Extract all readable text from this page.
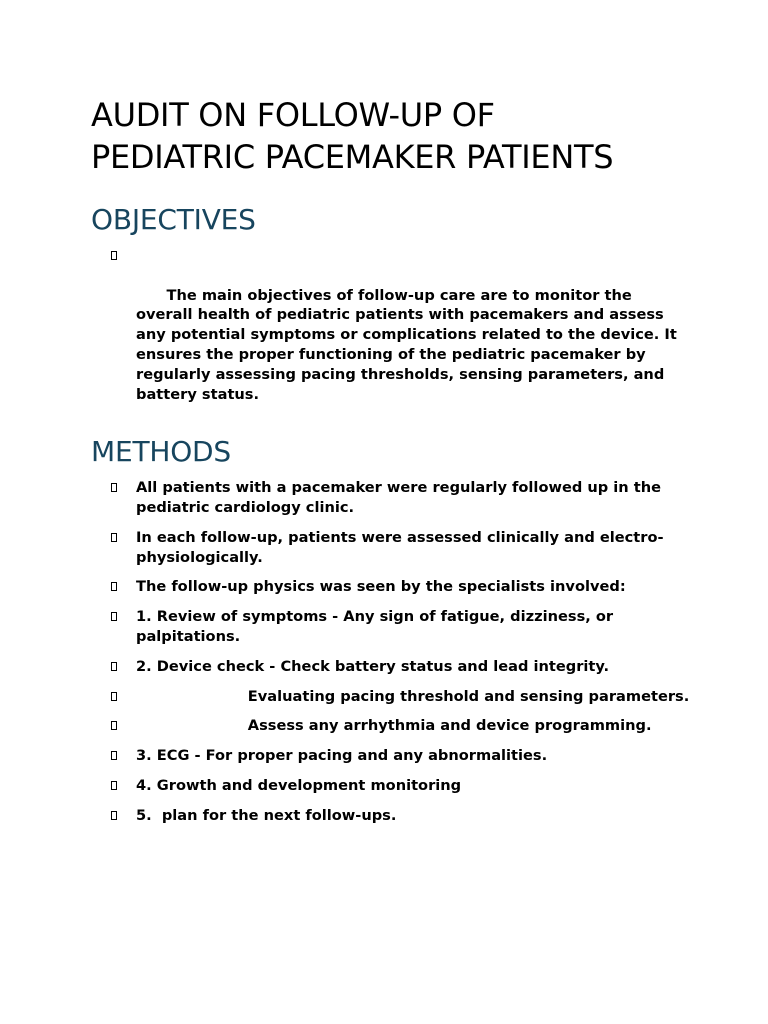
AUDIT ON FOLLOW-UP OF
PEDIATRIC PACEMAKER PATIENTS
OBJECTIVES

The main objectives of follow-up care are to monitor the overall health of pediatric patients with pacemakers and assess any potential symptoms or complications related to the device. It ensures the proper functioning of the pediatric pacemaker by regularly assessing pacing thresholds, sensing parameters, and battery status.

METHODS
All patients with a pacemaker were regularly followed up in the pediatric cardiology clinic.
In each follow-up, patients were assessed clinically and electro-physiologically.
The follow-up physics was seen by the specialists involved:
1. Review of symptoms - Any sign of fatigue, dizziness, or palpitations.
2. Device check - Check battery status and lead integrity.
Evaluating pacing threshold and sensing parameters.
Assess any arrhythmia and device programming.
3. ECG - For proper pacing and any abnormalities.
4. Growth and development monitoring
5.  plan for the next follow-ups.
